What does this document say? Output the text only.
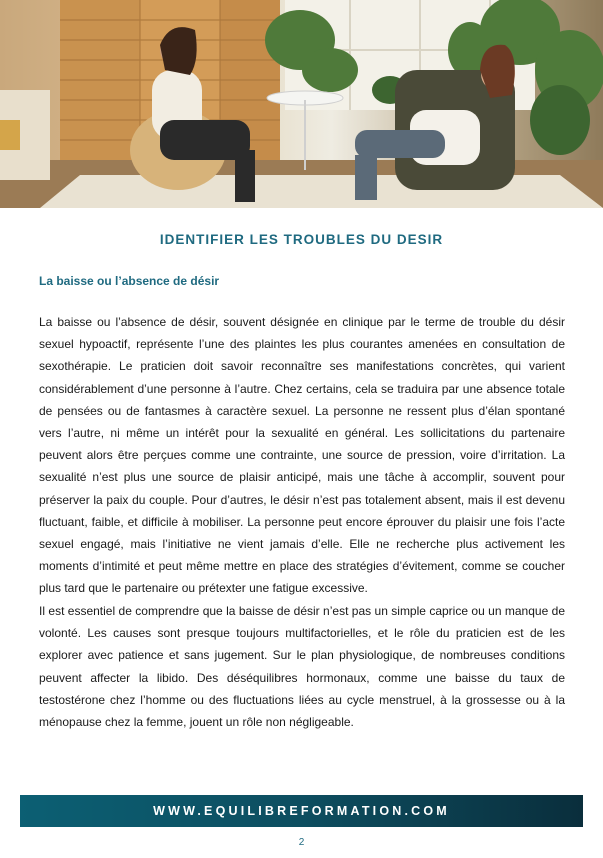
IDENTIFIER LES TROUBLES DU DESIR
La baisse ou l’absence de désir

La baisse ou l’absence de désir, souvent désignée en clinique par le terme de trouble du désir sexuel hypoactif, représente l’une des plaintes les plus courantes amenées en consultation de sexothérapie. Le praticien doit savoir reconnaître ses manifestations concrètes, qui varient considérablement d’une personne à l’autre. Chez certains, cela se traduira par une absence totale de pensées ou de fantasmes à caractère sexuel. La personne ne ressent plus d’élan spontané vers l’autre, ni même un intérêt pour la sexualité en général. Les sollicitations du partenaire peuvent alors être perçues comme une contrainte, une source de pression, voire d’irritation. La sexualité n’est plus une source de plaisir anticipé, mais une tâche à accomplir, souvent pour préserver la paix du couple. Pour d’autres, le désir n’est pas totalement absent, mais il est devenu fluctuant, faible, et difficile à mobiliser. La personne peut encore éprouver du plaisir une fois l’acte sexuel engagé, mais l’initiative ne vient jamais d’elle. Elle ne recherche plus activement les moments d’intimité et peut même mettre en place des stratégies d’évitement, comme se coucher plus tard que le partenaire ou prétexter une fatigue excessive.

Il est essentiel de comprendre que la baisse de désir n’est pas un simple caprice ou un manque de volonté. Les causes sont presque toujours multifactorielles, et le rôle du praticien est de les explorer avec patience et sans jugement. Sur le plan physiologique, de nombreuses conditions peuvent affecter la libido. Des déséquilibres hormonaux, comme une baisse du taux de testostérone chez l’homme ou des fluctuations liées au cycle menstruel, à la grossesse ou à la ménopause chez la femme, jouent un rôle non négligeable.

WWW.EQUILIBREFORMATION.COM
2
